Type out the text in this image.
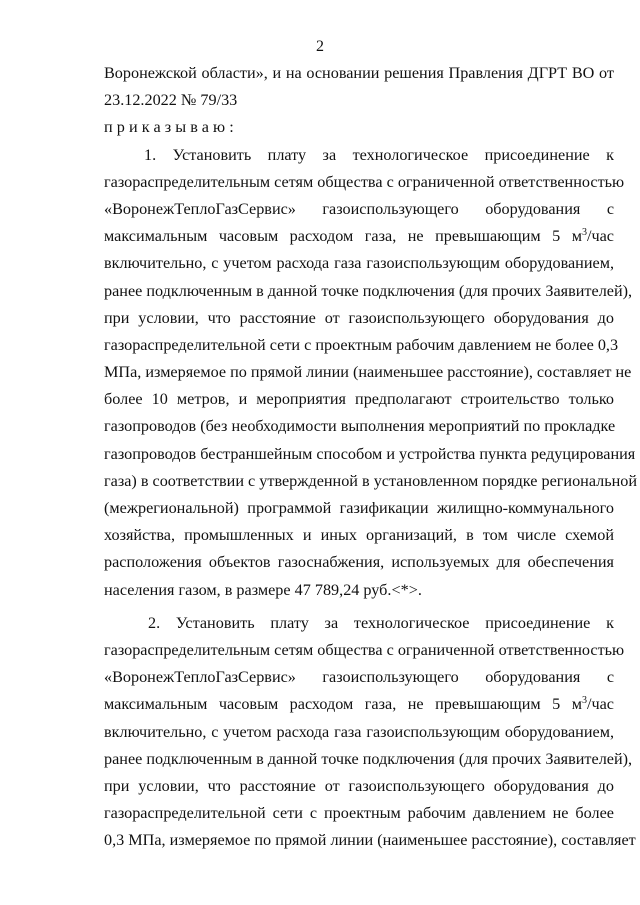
2
Воронежской области», и на основании решения Правления ДГРТ ВО от
23.12.2022 № 79/33
приказываю:
1. Установить плату за технологическое присоединение к
газораспределительным сетям общества с ограниченной ответственностью
«ВоронежТеплоГазСервис» газоиспользующего оборудования с
максимальным часовым расходом газа, не превышающим 5 $м^3$/час
включительно, с учетом расхода газа газоиспользующим оборудованием,
ранее подключенным в данной точке подключения (для прочих Заявителей),
при условии, что расстояние от газоиспользующего оборудования до
газораспределительной сети с проектным рабочим давлением не более 0,3
МПа, измеряемое по прямой линии (наименьшее расстояние), составляет не
более 10 метров, и мероприятия предполагают строительство только
газопроводов (без необходимости выполнения мероприятий по прокладке
газопроводов бестраншейным способом и устройства пункта редуцирования
газа) в соответствии с утвержденной в установленном порядке региональной
(межрегиональной) программой газификации жилищно-коммунального
хозяйства, промышленных и иных организаций, в том числе схемой
расположения объектов газоснабжения, используемых для обеспечения
населения газом, в размере 47 789,24 руб.<*>.
2. Установить плату за технологическое присоединение к
газораспределительным сетям общества с ограниченной ответственностью
«ВоронежТеплоГазСервис» газоиспользующего оборудования с
максимальным часовым расходом газа, не превышающим 5 $м^3$/час
включительно, с учетом расхода газа газоиспользующим оборудованием,
ранее подключенным в данной точке подключения (для прочих Заявителей),
при условии, что расстояние от газоиспользующего оборудования до
газораспределительной сети с проектным рабочим давлением не более
0,3 МПа, измеряемое по прямой линии (наименьшее расстояние), составляет
